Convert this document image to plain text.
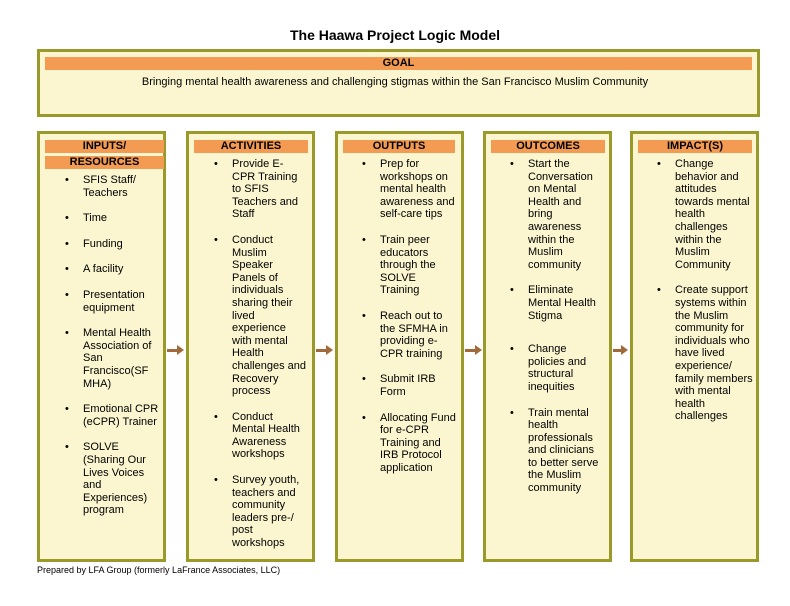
The Haawa Project Logic Model
GOAL
Bringing mental health awareness and challenging stigmas within the San Francisco Muslim Community
INPUTS/
RESOURCES
ACTIVITIES	OUTPUTS	OUTCOMES	IMPACT(S)
• SFIS Staff/ Teachers
• Time
• Funding
• A facility
• Presentation equipment
• Mental Health Association of San Francisco(SF MHA)
• Emotional CPR (eCPR) Trainer
• SOLVE (Sharing Our Lives Voices and Experiences) program
• Provide E-CPR Training to SFIS Teachers and Staff
• Conduct Muslim Speaker Panels of individuals sharing their lived experience with mental Health challenges and Recovery process
• Conduct Mental Health Awareness workshops
• Survey youth, teachers and community leaders pre-/ post workshops
• Prep for workshops on mental health awareness and self-care tips
• Train peer educators through the SOLVE Training
• Reach out to the SFMHA in providing e-CPR training
• Submit IRB Form
• Allocating Fund for e-CPR Training and IRB Protocol application
• Start the Conversation on Mental Health and bring awareness within the Muslim community
• Eliminate Mental Health Stigma
• Change policies and structural inequities
• Train mental health professionals and clinicians to better serve the Muslim community
• Change behavior and attitudes towards mental health challenges within the Muslim Community
• Create support systems within the Muslim community for individuals who have lived experience/ family members with mental health challenges
Prepared by LFA Group (formerly LaFrance Associates, LLC)
